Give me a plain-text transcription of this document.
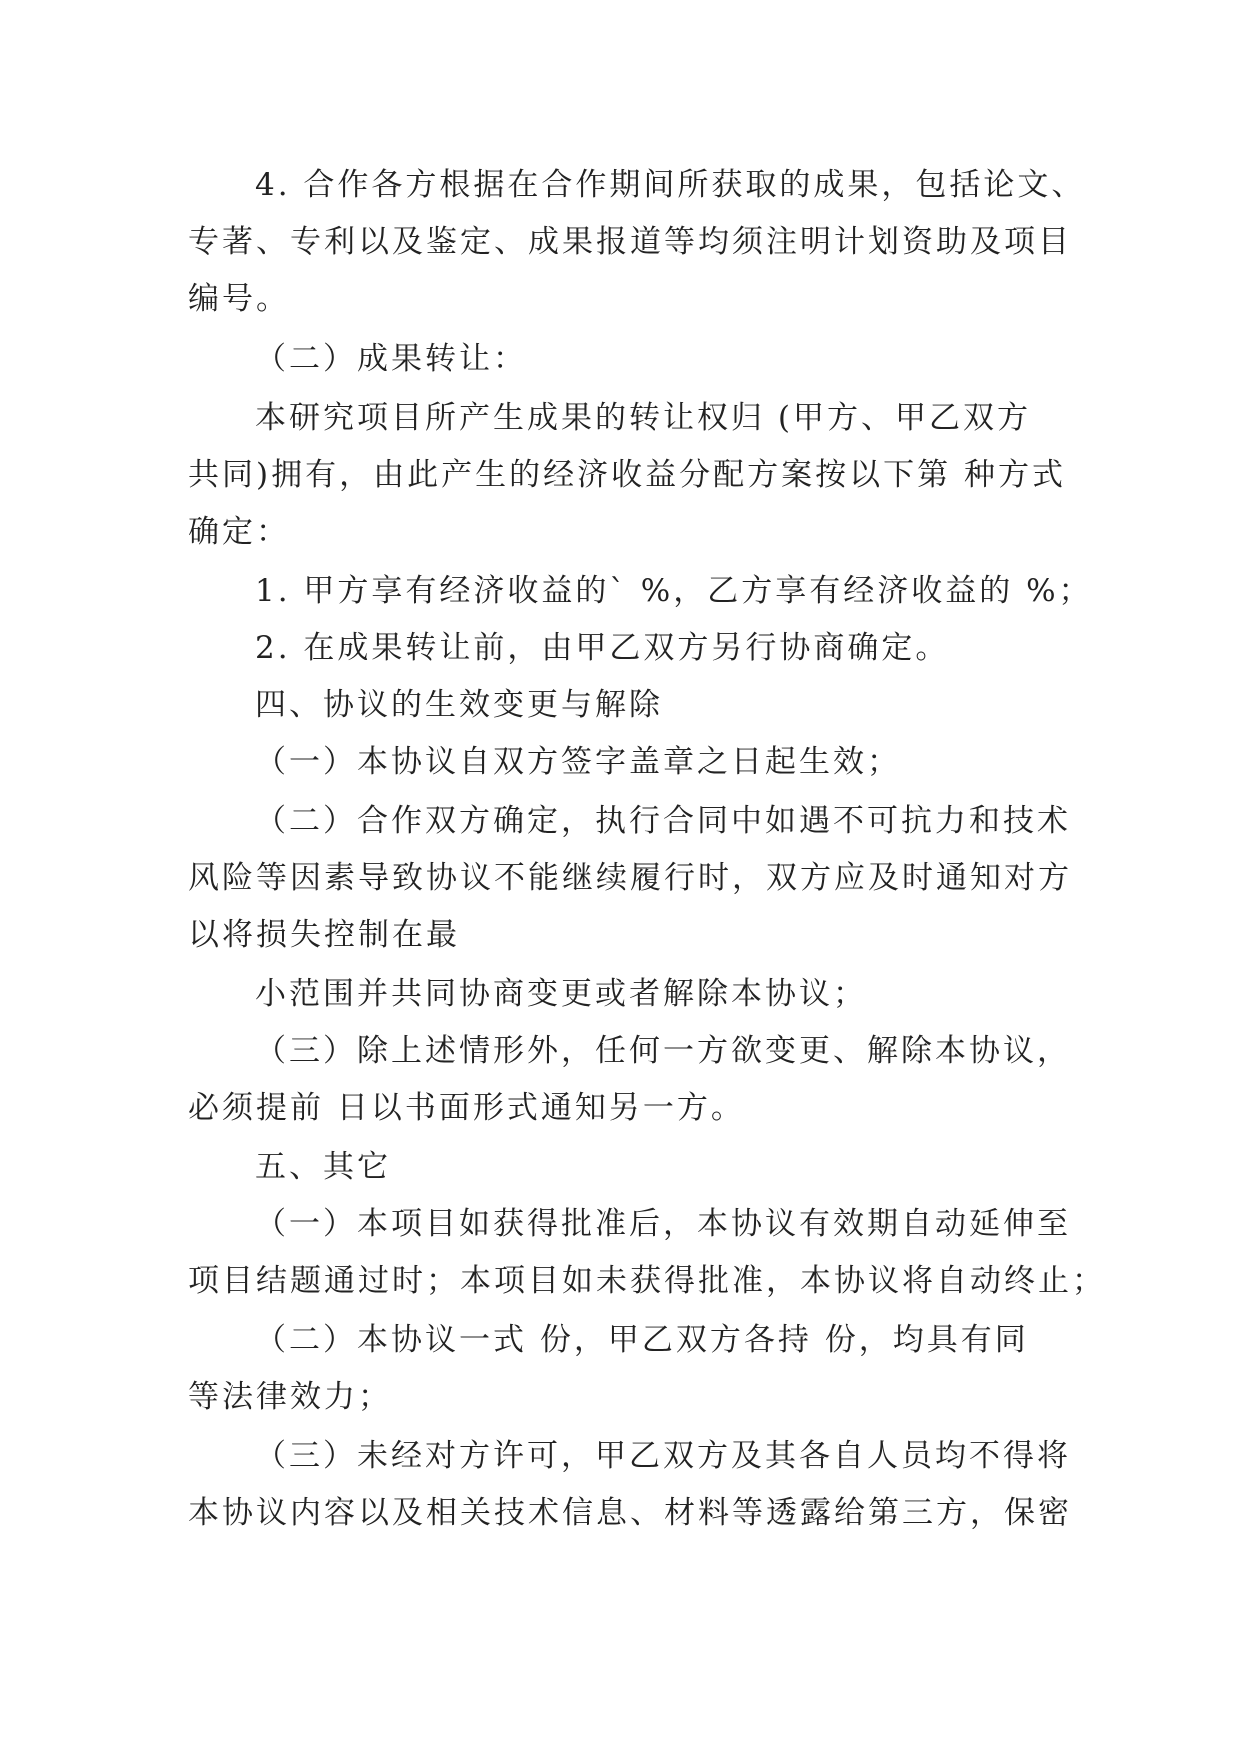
4. 合作各方根据在合作期间所获取的成果，包括论文、
专著、专利以及鉴定、成果报道等均须注明计划资助及项目
编号。
（二）成果转让：
本研究项目所产生成果的转让权归 (甲方、甲乙双方
共同)拥有，由此产生的经济收益分配方案按以下第 种方式
确定：
1. 甲方享有经济收益的` %，乙方享有经济收益的 %；
2. 在成果转让前，由甲乙双方另行协商确定。
四、协议的生效变更与解除
（一）本协议自双方签字盖章之日起生效；
（二）合作双方确定，执行合同中如遇不可抗力和技术
风险等因素导致协议不能继续履行时，双方应及时通知对方
以将损失控制在最
小范围并共同协商变更或者解除本协议；
（三）除上述情形外，任何一方欲变更、解除本协议，
必须提前 日以书面形式通知另一方。
五、其它
（一）本项目如获得批准后，本协议有效期自动延伸至
项目结题通过时；本项目如未获得批准，本协议将自动终止；
（二）本协议一式 份，甲乙双方各持 份，均具有同
等法律效力；
（三）未经对方许可，甲乙双方及其各自人员均不得将
本协议内容以及相关技术信息、材料等透露给第三方，保密
